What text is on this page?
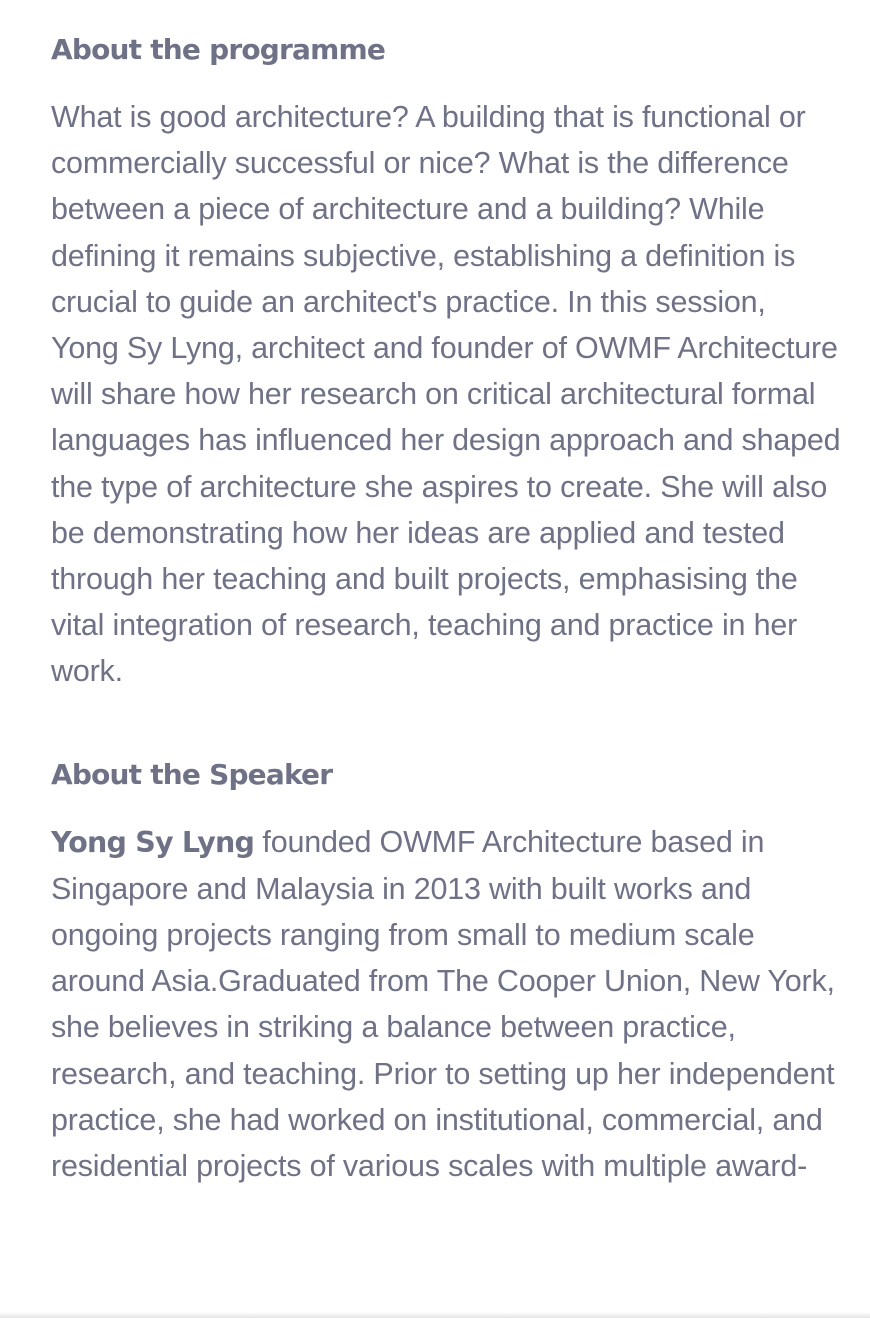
About the programme

What is good architecture? A building that is functional or commercially successful or nice? What is the difference between a piece of architecture and a building? While defining it remains subjective, establishing a definition is crucial to guide an architect's practice. In this session, Yong Sy Lyng, architect and founder of OWMF Architecture will share how her research on critical architectural formal languages has influenced her design approach and shaped the type of architecture she aspires to create. She will also be demonstrating how her ideas are applied and tested through her teaching and built projects, emphasising the vital integration of research, teaching and practice in her work.

About the Speaker

Yong Sy Lyng founded OWMF Architecture based in Singapore and Malaysia in 2013 with built works and ongoing projects ranging from small to medium scale around Asia.Graduated from The Cooper Union, New York, she believes in striking a balance between practice, research, and teaching. Prior to setting up her independent practice, she had worked on institutional, commercial, and residential projects of various scales with multiple award-
